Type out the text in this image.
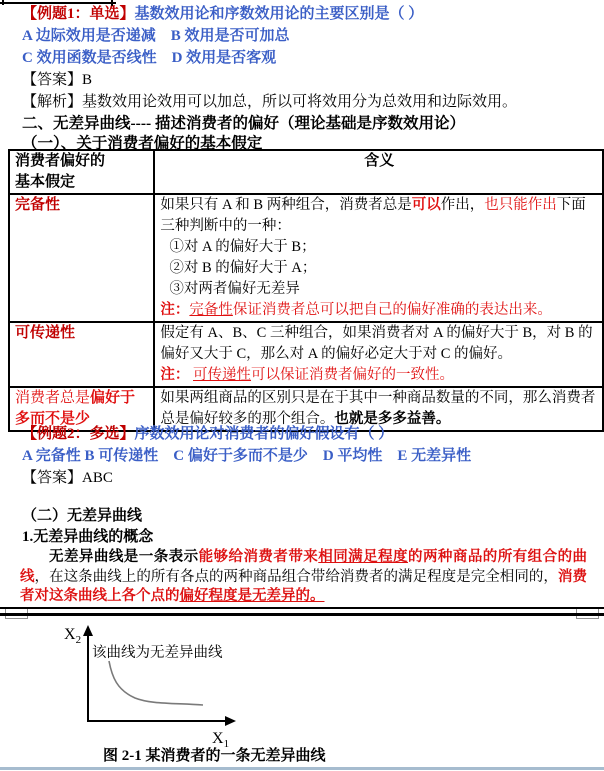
【例题1：单选】基数效用论和序数效用论的主要区别是（ ）
A 边际效用是否递减　B 效用是否可加总
C 效用函数是否线性　D 效用是否客观
【答案】B
【解析】基数效用论效用可以加总，所以可将效用分为总效用和边际效用。
二、无差异曲线---- 描述消费者的偏好（理论基础是序数效用论）
（一）、关于消费者偏好的基本假定
消费者偏好的
基本假定	含义
完备性	如果只有 A 和 B 两种组合，消费者总是可以作出，也只能作出下面三种判断中的一种：
①对 A 的偏好大于 B；
②对 B 的偏好大于 A；
③对两者偏好无差异
注：完备性保证消费者总可以把自己的偏好准确的表达出来。

可传递性	假定有 A、B、C 三种组合，如果消费者对 A 的偏好大于 B，对 B 的偏好又大于 C，那么对 A 的偏好必定大于对 C 的偏好。
注： 可传递性可以保证消费者偏好的一致性。

消费者总是偏好于多而不是少	如果两组商品的区别只是在于其中一种商品数量的不同，那么消费者总是偏好较多的那个组合。也就是多多益善。
【例题2：多选】序数效用论对消费者的偏好假设有（ ）
A 完备性 B 可传递性　C 偏好于多而不是少　D 平均性　E 无差异性
【答案】ABC
（二）无差异曲线
1.无差异曲线的概念
无差异曲线是一条表示能够给消费者带来相同满足程度的两种商品的所有组合的曲线，在这条曲线上的所有各点的两种商品组合带给消费者的满足程度是完全相同的，消费者对这条曲线上各个点的偏好程度是无差异的。
$X_2$
该曲线为无差异曲线
$X_1$
图 2-1 某消费者的一条无差异曲线
